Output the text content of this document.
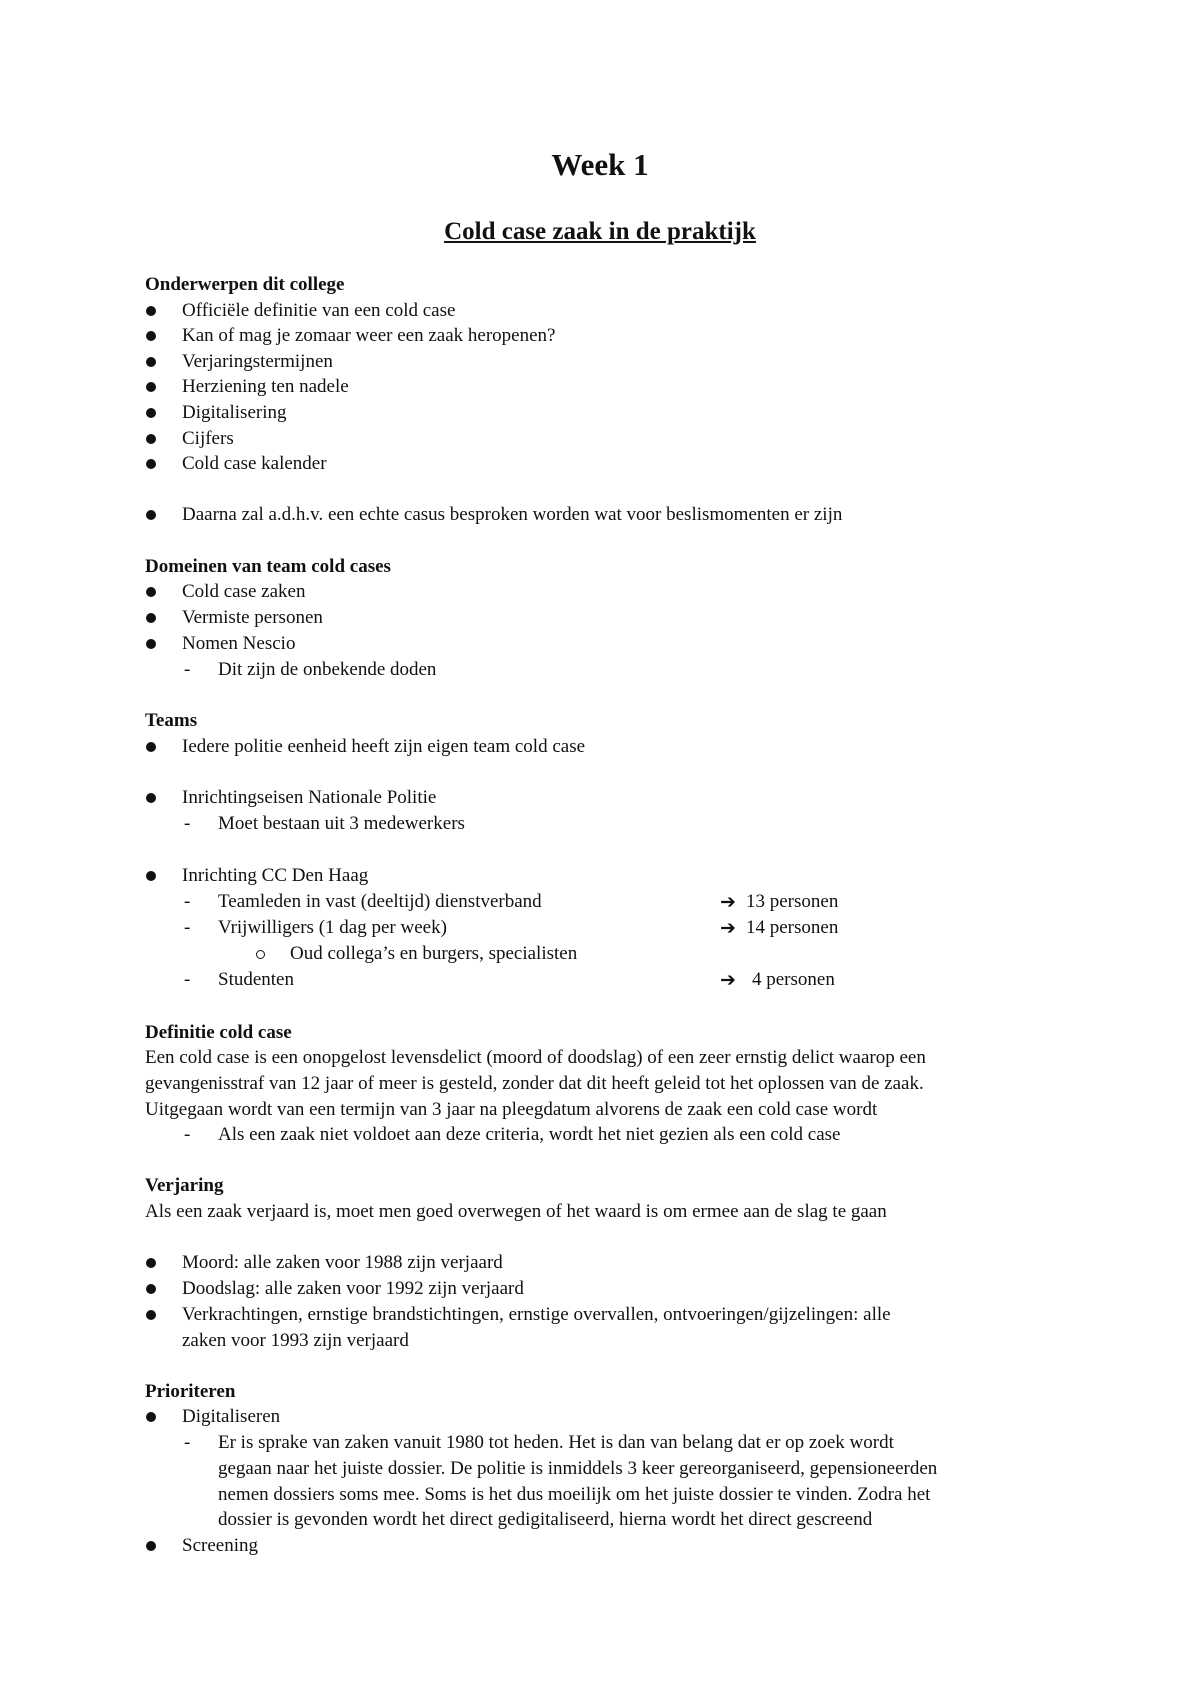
Week 1
Cold case zaak in de praktijk
Onderwerpen dit college
Officiële definitie van een cold case
Kan of mag je zomaar weer een zaak heropenen?
Verjaringstermijnen
Herziening ten nadele
Digitalisering
Cijfers
Cold case kalender
Daarna zal a.d.h.v. een echte casus besproken worden wat voor beslismomenten er zijn
Domeinen van team cold cases
Cold case zaken
Vermiste personen
Nomen Nescio
- Dit zijn de onbekende doden
Teams
Iedere politie eenheid heeft zijn eigen team cold case
Inrichtingseisen Nationale Politie
- Moet bestaan uit 3 medewerkers
Inrichting CC Den Haag
- Teamleden in vast (deeltijd) dienstverband	➔ 13 personen
- Vrijwilligers (1 dag per week)	➔ 14 personen
Oud collega’s en burgers, specialisten
- Studenten	➔ 4 personen
Definitie cold case
Een cold case is een onopgelost levensdelict (moord of doodslag) of een zeer ernstig delict waarop een
gevangenisstraf van 12 jaar of meer is gesteld, zonder dat dit heeft geleid tot het oplossen van de zaak.
Uitgegaan wordt van een termijn van 3 jaar na pleegdatum alvorens de zaak een cold case wordt
- Als een zaak niet voldoet aan deze criteria, wordt het niet gezien als een cold case
Verjaring
Als een zaak verjaard is, moet men goed overwegen of het waard is om ermee aan de slag te gaan
Moord: alle zaken voor 1988 zijn verjaard
Doodslag: alle zaken voor 1992 zijn verjaard
Verkrachtingen, ernstige brandstichtingen, ernstige overvallen, ontvoeringen/gijzelingen: alle
zaken voor 1993 zijn verjaard
Prioriteren
Digitaliseren
- Er is sprake van zaken vanuit 1980 tot heden. Het is dan van belang dat er op zoek wordt
gegaan naar het juiste dossier. De politie is inmiddels 3 keer gereorganiseerd, gepensioneerden
nemen dossiers soms mee. Soms is het dus moeilijk om het juiste dossier te vinden. Zodra het
dossier is gevonden wordt het direct gedigitaliseerd, hierna wordt het direct gescreend
Screening
